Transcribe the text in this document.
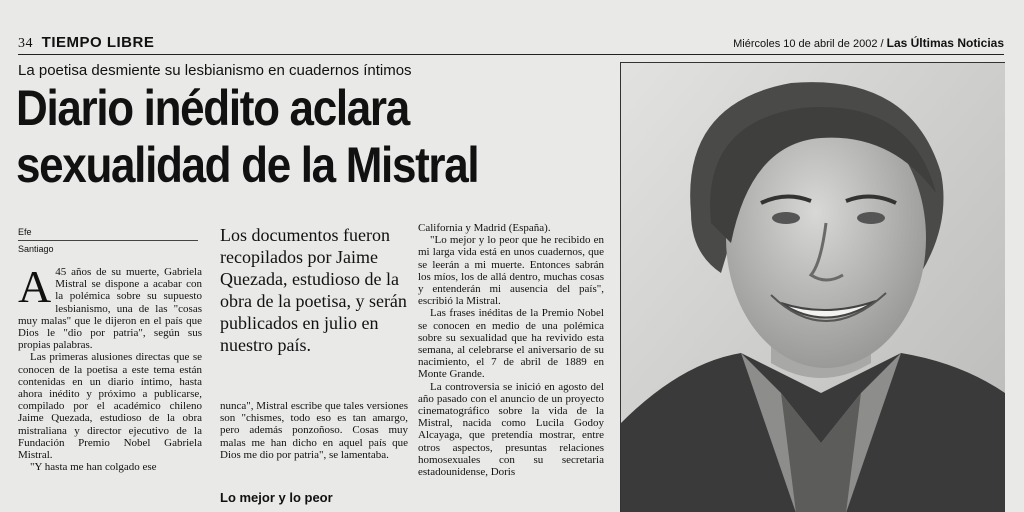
34 TIEMPO LIBRE	Miércoles 10 de abril de 2002 / Las Últimas Noticias
La poetisa desmiente su lesbianismo en cuadernos íntimos
Diario inédito aclara
sexualidad de la Mistral
Efe
Santiago
A 45 años de su muerte, Gabriela Mistral se dispone a acabar con la polémica sobre su supuesto lesbianismo, una de las "cosas muy malas" que le dijeron en el país que Dios le "dio por patria", según sus propias palabras.

Las primeras alusiones directas que se conocen de la poetisa a este tema están contenidas en un diario íntimo, hasta ahora inédito y próximo a publicarse, compilado por el académico chileno Jaime Quezada, estudioso de la obra mistraliana y director ejecutivo de la Fundación Premio Nobel Gabriela Mistral.

"Y hasta me han colgado ese

Los documentos fueron recopilados por Jaime Quezada, estudioso de la obra de la poetisa, y serán publicados en julio en nuestro país.

nunca", Mistral escribe que tales versiones son "chismes, todo eso es tan amargo, pero además ponzoñoso. Cosas muy malas me han dicho en aquel país que Dios me dio por patria", se lamentaba.

Lo mejor y lo peor

California y Madrid (España).

"Lo mejor y lo peor que he recibido en mi larga vida está en unos cuadernos, que se leerán a mi muerte. Entonces sabrán los míos, los de allá dentro, muchas cosas y entenderán mi ausencia del país", escribió la Mistral.

Las frases inéditas de la Premio Nobel se conocen en medio de una polémica sobre su sexualidad que ha revivido esta semana, al celebrarse el aniversario de su nacimiento, el 7 de abril de 1889 en Monte Grande.

La controversia se inició en agosto del año pasado con el anuncio de un proyecto cinematográfico sobre la vida de la Mistral, nacida como Lucila Godoy Alcayaga, que pretendía mostrar, entre otros aspectos, presuntas relaciones homosexuales con su secretaria estadounidense, Doris
